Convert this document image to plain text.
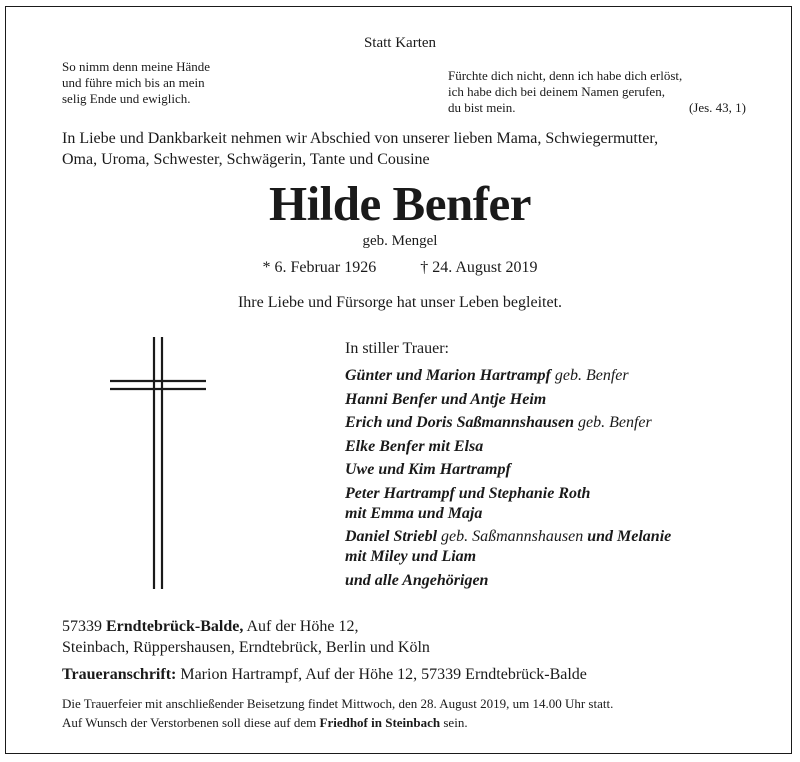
Statt Karten
So nimm denn meine Hände
und führe mich bis an mein
selig Ende und ewiglich.
Fürchte dich nicht, denn ich habe dich erlöst,
ich habe dich bei deinem Namen gerufen,
du bist mein.	(Jes. 43, 1)
In Liebe und Dankbarkeit nehmen wir Abschied von unserer lieben Mama, Schwiegermutter,
Oma, Uroma, Schwester, Schwägerin, Tante und Cousine
Hilde Benfer
geb. Mengel
* 6. Februar 1926	† 24. August 2019
Ihre Liebe und Fürsorge hat unser Leben begleitet.
In stiller Trauer:
Günter und Marion Hartrampf geb. Benfer
Hanni Benfer und Antje Heim
Erich und Doris Saßmannshausen geb. Benfer
Elke Benfer mit Elsa
Uwe und Kim Hartrampf
Peter Hartrampf und Stephanie Roth
mit Emma und Maja
Daniel Striebl geb. Saßmannshausen und Melanie
mit Miley und Liam
und alle Angehörigen
57339 Erndtebrück-Balde, Auf der Höhe 12,
Steinbach, Rüppershausen, Erndtebrück, Berlin und Köln
Traueranschrift: Marion Hartrampf, Auf der Höhe 12, 57339 Erndtebrück-Balde
Die Trauerfeier mit anschließender Beisetzung findet Mittwoch, den 28. August 2019, um 14.00 Uhr statt.
Auf Wunsch der Verstorbenen soll diese auf dem Friedhof in Steinbach sein.
